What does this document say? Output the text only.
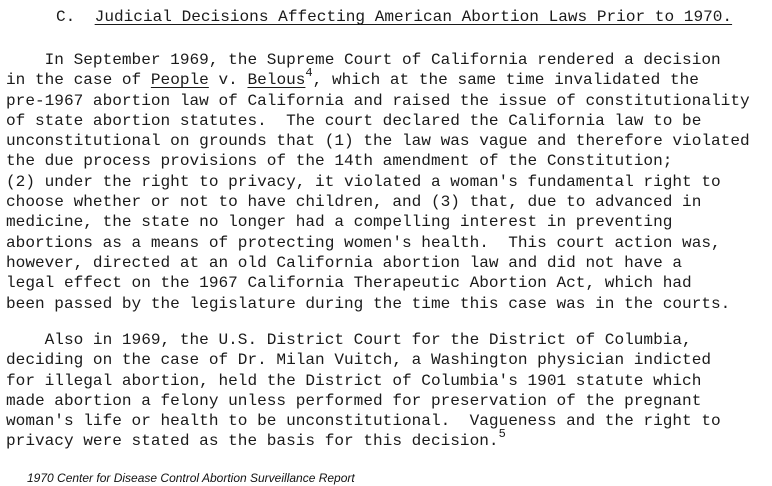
C. Judicial Decisions Affecting American Abortion Laws Prior to 1970.
In September 1969, the Supreme Court of California rendered a decision
in the case of People v. Belous$^4$, which at the same time invalidated the
pre-1967 abortion law of California and raised the issue of constitutionality
of state abortion statutes.  The court declared the California law to be
unconstitutional on grounds that (1) the law was vague and therefore violated
the due process provisions of the 14th amendment of the Constitution;
(2) under the right to privacy, it violated a woman's fundamental right to
choose whether or not to have children, and (3) that, due to advanced in
medicine, the state no longer had a compelling interest in preventing
abortions as a means of protecting women's health.  This court action was,
however, directed at an old California abortion law and did not have a
legal effect on the 1967 California Therapeutic Abortion Act, which had
been passed by the legislature during the time this case was in the courts.
Also in 1969, the U.S. District Court for the District of Columbia,
deciding on the case of Dr. Milan Vuitch, a Washington physician indicted
for illegal abortion, held the District of Columbia's 1901 statute which
made abortion a felony unless performed for preservation of the pregnant
woman's life or health to be unconstitutional.  Vagueness and the right to
privacy were stated as the basis for this decision.$^5$
1970 Center for Disease Control Abortion Surveillance Report
